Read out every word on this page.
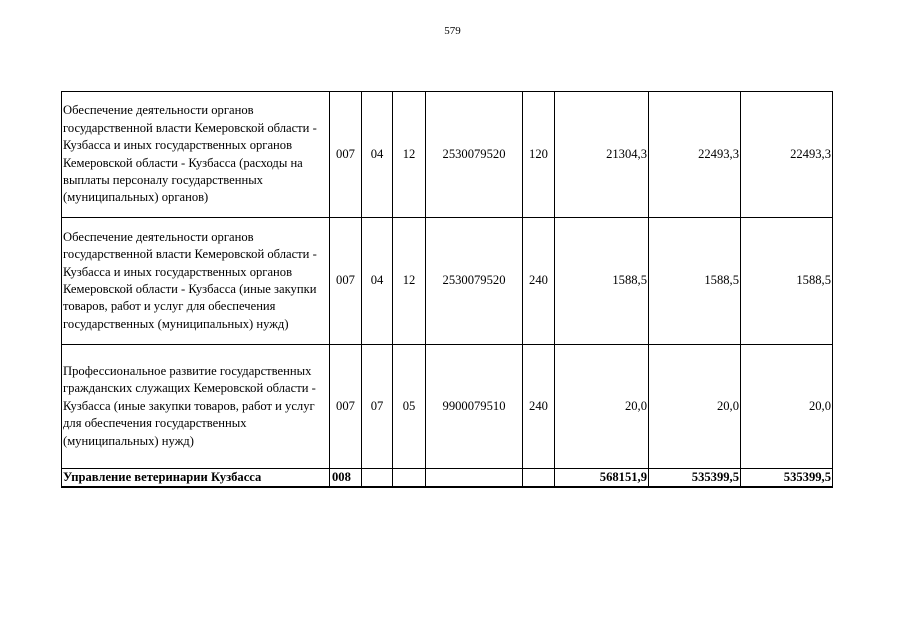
579
Обеспечение деятельности органов государственной власти Кемеровской области - Кузбасса и иных государственных органов Кемеровской области - Кузбасса (расходы на выплаты персоналу государственных (муниципальных) органов)	007	04	12	2530079520	120	21304,3	22493,3	22493,3
Обеспечение деятельности органов государственной власти Кемеровской области - Кузбасса и иных государственных органов Кемеровской области - Кузбасса (иные закупки товаров, работ и услуг для обеспечения государственных (муниципальных) нужд)	007	04	12	2530079520	240	1588,5	1588,5	1588,5
Профессиональное развитие государственных гражданских служащих Кемеровской области - Кузбасса (иные закупки товаров, работ и услуг для обеспечения государственных (муниципальных) нужд)	007	07	05	9900079510	240	20,0	20,0	20,0
Управление ветеринарии Кузбасса	008					568151,9	535399,5	535399,5
